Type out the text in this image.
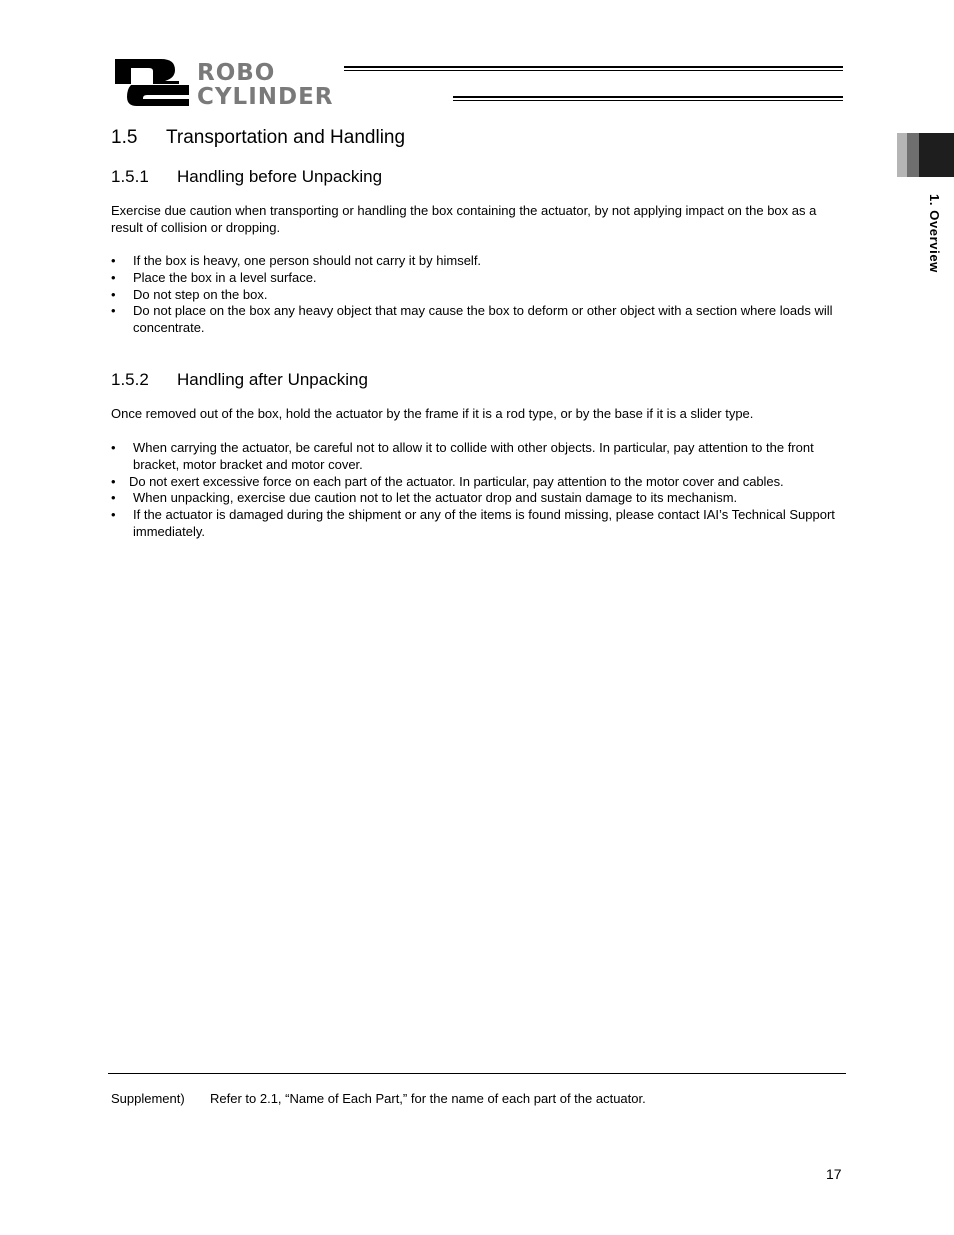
ROBO
CYLINDER
1. Overview
1.5 Transportation and Handling
1.5.1 Handling before Unpacking

Exercise due caution when transporting or handling the box containing the actuator, by not applying impact on the box as a result of collision or dropping.

• If the box is heavy, one person should not carry it by himself.
• Place the box in a level surface.
• Do not step on the box.
• Do not place on the box any heavy object that may cause the box to deform or other object with a section where loads will concentrate.
1.5.2 Handling after Unpacking

Once removed out of the box, hold the actuator by the frame if it is a rod type, or by the base if it is a slider type.

• When carrying the actuator, be careful not to allow it to collide with other objects. In particular, pay attention to the front bracket, motor bracket and motor cover.
• Do not exert excessive force on each part of the actuator. In particular, pay attention to the motor cover and cables.
• When unpacking, exercise due caution not to let the actuator drop and sustain damage to its mechanism.
• If the actuator is damaged during the shipment or any of the items is found missing, please contact IAI’s Technical Support immediately.
Supplement) Refer to 2.1, “Name of Each Part,” for the name of each part of the actuator.
17
